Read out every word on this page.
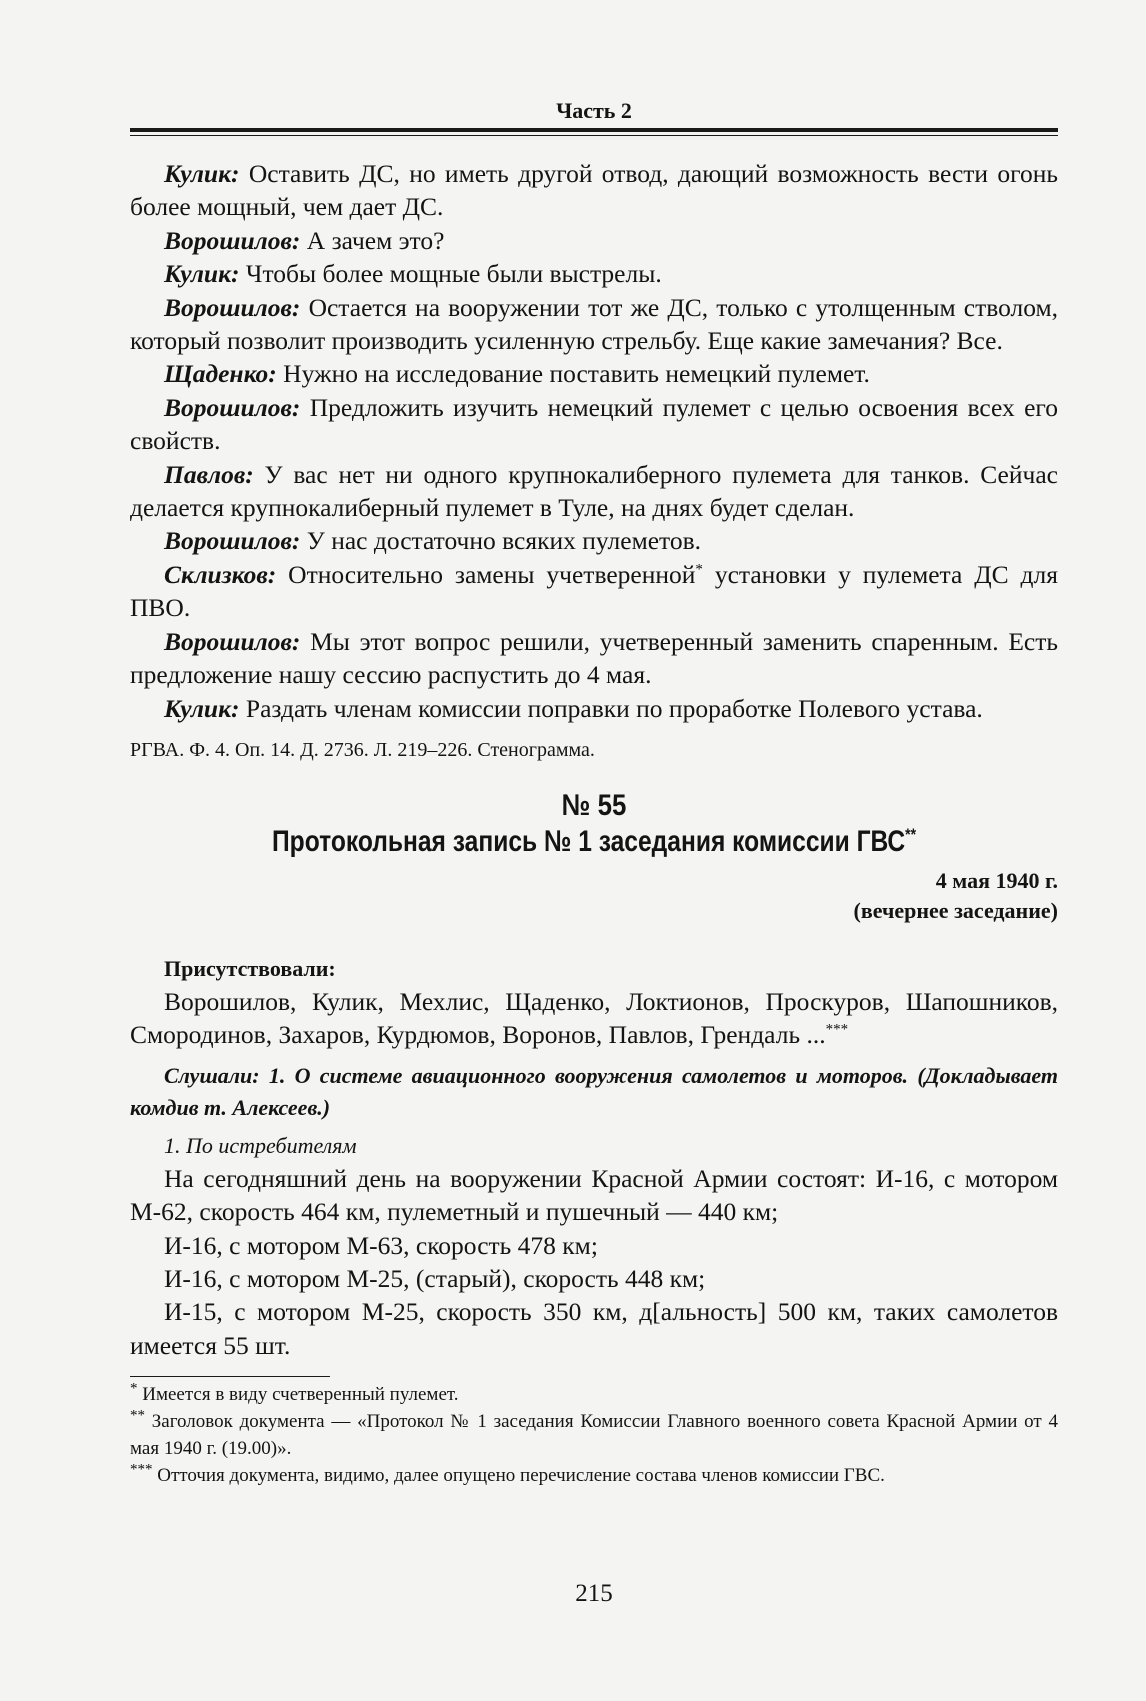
Часть 2

Кулик: Оставить ДС, но иметь другой отвод, дающий возможность вести огонь более мощный, чем дает ДС.

Ворошилов: А зачем это?

Кулик: Чтобы более мощные были выстрелы.

Ворошилов: Остается на вооружении тот же ДС, только с утолщенным стволом, который позволит производить усиленную стрельбу. Еще какие замечания? Все.

Щаденко: Нужно на исследование поставить немецкий пулемет.

Ворошилов: Предложить изучить немецкий пулемет с целью освоения всех его свойств.

Павлов: У вас нет ни одного крупнокалиберного пулемета для танков. Сейчас делается крупнокалиберный пулемет в Туле, на днях будет сделан.

Ворошилов: У нас достаточно всяких пулеметов.

Склизков: Относительно замены учетверенной* установки у пулемета ДС для ПВО.

Ворошилов: Мы этот вопрос решили, учетверенный заменить спаренным. Есть предложение нашу сессию распустить до 4 мая.

Кулик: Раздать членам комиссии поправки по проработке Полевого устава.

РГВА. Ф. 4. Оп. 14. Д. 2736. Л. 219–226. Стенограмма.

№ 55

Протокольная запись № 1 заседания комиссии ГВС**

4 мая 1940 г.

(вечернее заседание)

Присутствовали:

Ворошилов, Кулик, Мехлис, Щаденко, Локтионов, Проскуров, Шапошников, Смородинов, Захаров, Курдюмов, Воронов, Павлов, Грендаль ...***

Слушали: 1. О системе авиационного вооружения самолетов и моторов. (Докладывает комдив т. Алексеев.)

1. По истребителям

На сегодняшний день на вооружении Красной Армии состоят: И-16, с мотором М-62, скорость 464 км, пулеметный и пушечный — 440 км;

И-16, с мотором М-63, скорость 478 км;

И-16, с мотором М-25, (старый), скорость 448 км;

И-15, с мотором М-25, скорость 350 км, д[альность] 500 км, таких самолетов имеется 55 шт.

* Имеется в виду счетверенный пулемет.

** Заголовок документа — «Протокол № 1 заседания Комиссии Главного военного совета Красной Армии от 4 мая 1940 г. (19.00)».

*** Отточия документа, видимо, далее опущено перечисление состава членов комиссии ГВС.

215
